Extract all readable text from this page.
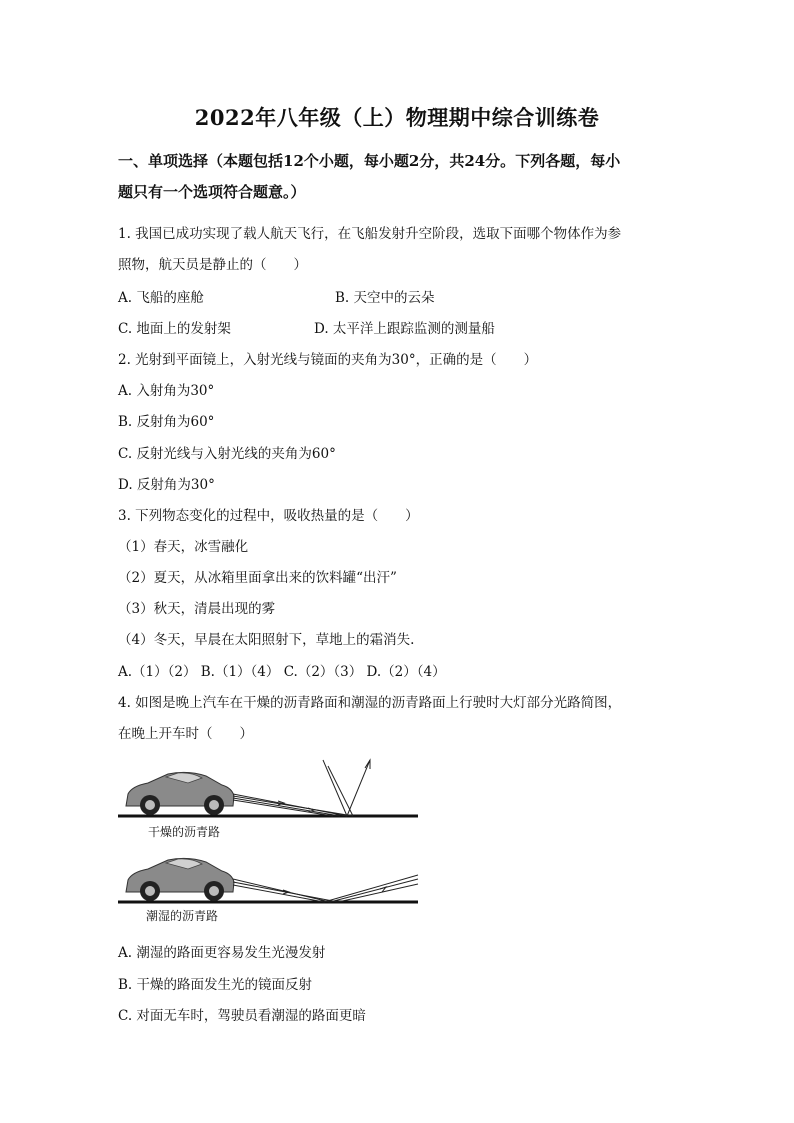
2022年八年级（上）物理期中综合训练卷
一、单项选择（本题包括12个小题，每小题2分，共24分。下列各题，每小
题只有一个选项符合题意。）
1. 我国已成功实现了载人航天飞行，在飞船发射升空阶段，选取下面哪个物体作为参
照物，航天员是静止的（　　）
A. 飞船的座舱	B. 天空中的云朵
C. 地面上的发射架	D. 太平洋上跟踪监测的测量船
2. 光射到平面镜上，入射光线与镜面的夹角为30°，正确的是（　　）
A. 入射角为30°
B. 反射角为60°
C. 反射光线与入射光线的夹角为60°
D. 反射角为30°
3. 下列物态变化的过程中，吸收热量的是（　　）
（1）春天，冰雪融化
（2）夏天，从冰箱里面拿出来的饮料罐“出汗”
（3）秋天，清晨出现的雾
（4）冬天，早晨在太阳照射下，草地上的霜消失.
A.（1）（2） B.（1）（4） C.（2）（3） D.（2）（4）
4. 如图是晚上汽车在干燥的沥青路面和潮湿的沥青路面上行驶时大灯部分光路简图，
在晚上开车时（　　）
干燥的沥青路
潮湿的沥青路
A. 潮湿的路面更容易发生光漫发射
B. 干燥的路面发生光的镜面反射
C. 对面无车时，驾驶员看潮湿的路面更暗
